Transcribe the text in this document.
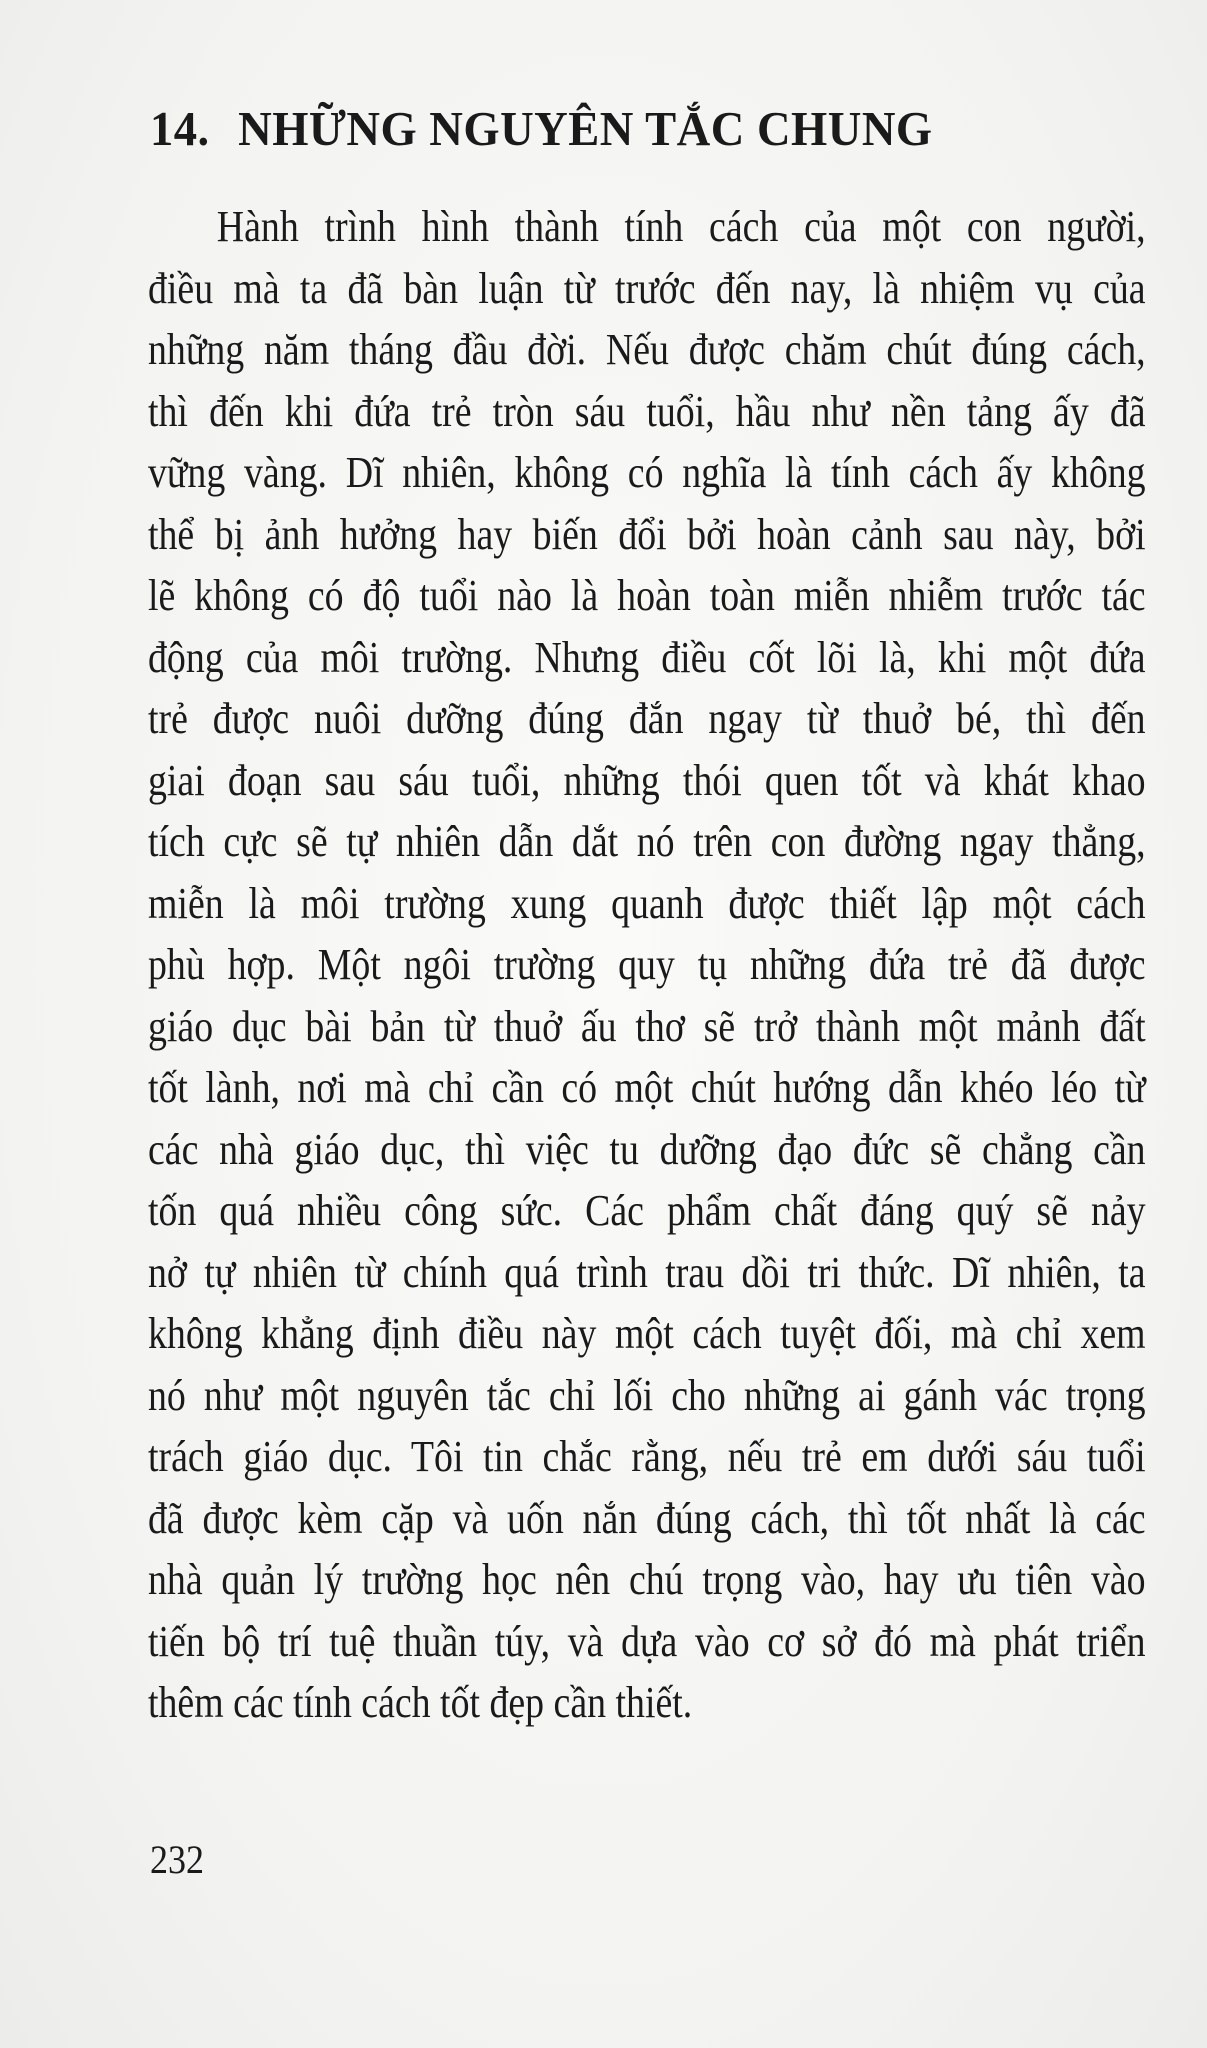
14. NHỮNG NGUYÊN TẮC CHUNG
Hành trình hình thành tính cách của một con người,
điều mà ta đã bàn luận từ trước đến nay, là nhiệm vụ của
những năm tháng đầu đời. Nếu được chăm chút đúng cách,
thì đến khi đứa trẻ tròn sáu tuổi, hầu như nền tảng ấy đã
vững vàng. Dĩ nhiên, không có nghĩa là tính cách ấy không
thể bị ảnh hưởng hay biến đổi bởi hoàn cảnh sau này, bởi
lẽ không có độ tuổi nào là hoàn toàn miễn nhiễm trước tác
động của môi trường. Nhưng điều cốt lõi là, khi một đứa
trẻ được nuôi dưỡng đúng đắn ngay từ thuở bé, thì đến
giai đoạn sau sáu tuổi, những thói quen tốt và khát khao
tích cực sẽ tự nhiên dẫn dắt nó trên con đường ngay thẳng,
miễn là môi trường xung quanh được thiết lập một cách
phù hợp. Một ngôi trường quy tụ những đứa trẻ đã được
giáo dục bài bản từ thuở ấu thơ sẽ trở thành một mảnh đất
tốt lành, nơi mà chỉ cần có một chút hướng dẫn khéo léo từ
các nhà giáo dục, thì việc tu dưỡng đạo đức sẽ chẳng cần
tốn quá nhiều công sức. Các phẩm chất đáng quý sẽ nảy
nở tự nhiên từ chính quá trình trau dồi tri thức. Dĩ nhiên, ta
không khẳng định điều này một cách tuyệt đối, mà chỉ xem
nó như một nguyên tắc chỉ lối cho những ai gánh vác trọng
trách giáo dục. Tôi tin chắc rằng, nếu trẻ em dưới sáu tuổi
đã được kèm cặp và uốn nắn đúng cách, thì tốt nhất là các
nhà quản lý trường học nên chú trọng vào, hay ưu tiên vào
tiến bộ trí tuệ thuần túy, và dựa vào cơ sở đó mà phát triển
thêm các tính cách tốt đẹp cần thiết.
232
